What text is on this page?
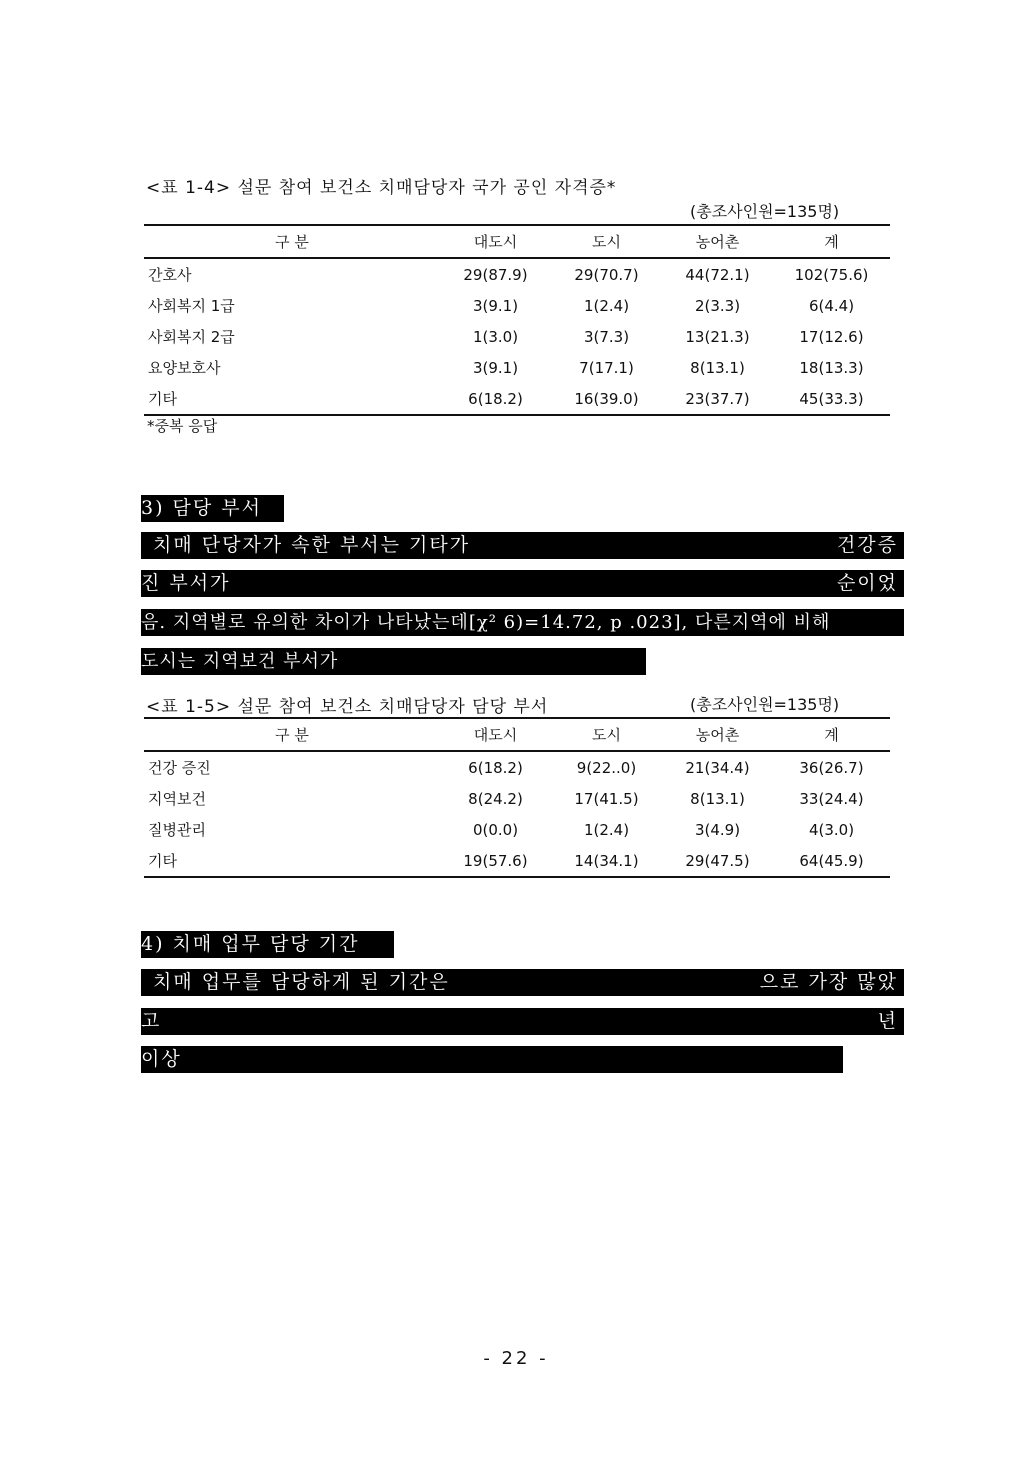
<표 1-4> 설문 참여 보건소 치매담당자 국가 공인 자격증*
(총조사인원=135명)
구 분	대도시	도시	농어촌	계
간호사	29(87.9)	29(70.7)	44(72.1)	102(75.6)
사회복지 1급	3(9.1)	1(2.4)	2(3.3)	6(4.4)
사회복지 2급	1(3.0)	3(7.3)	13(21.3)	17(12.6)
요양보호사	3(9.1)	7(17.1)	8(13.1)	18(13.3)
기타	6(18.2)	16(39.0)	23(37.7)	45(33.3)
*중복 응답
3) 담당 부서
치매 단당자가 속한 부서는 기타가	건강증
진 부서가	순이었
음. 지역별로 유의한 차이가 나타났는데[χ² 6)=14.72, p .023], 다른지역에 비해
도시는 지역보건 부서가
<표 1-5> 설문 참여 보건소 치매담당자 담당 부서	(총조사인원=135명)
구 분	대도시	도시	농어촌	계
건강 증진	6(18.2)	9(22..0)	21(34.4)	36(26.7)
지역보건	8(24.2)	17(41.5)	8(13.1)	33(24.4)
질병관리	0(0.0)	1(2.4)	3(4.9)	4(3.0)
기타	19(57.6)	14(34.1)	29(47.5)	64(45.9)
4) 치매 업무 담당 기간
치매 업무를 담당하게 된 기간은	으로 가장 많았
고	년
이상
- 22 -
